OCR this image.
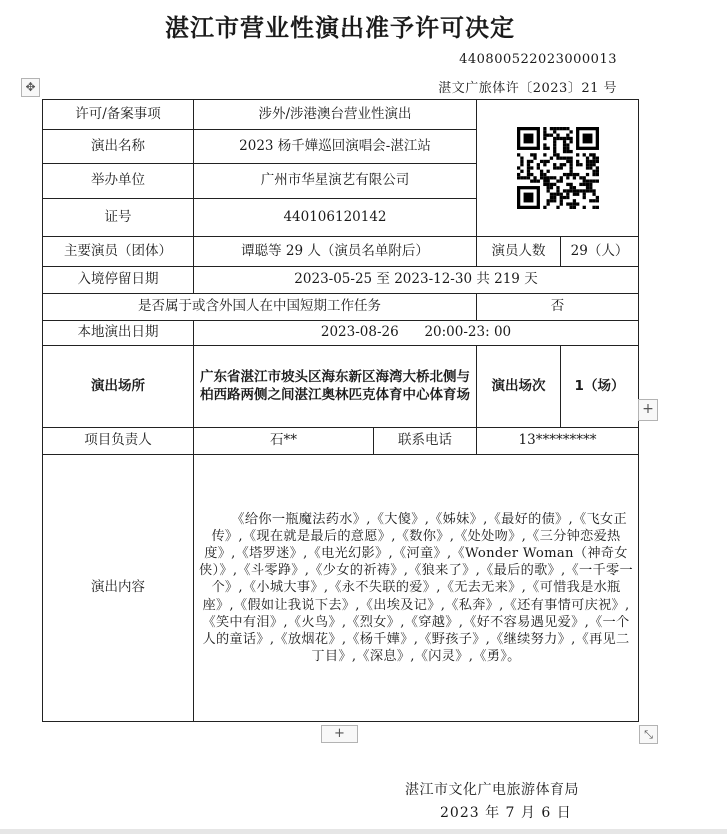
湛江市营业性演出准予许可决定
440800522023000013
湛文广旅体许〔2023〕21 号
✥
许可/备案事项	涉外/涉港澳台营业性演出	

演出名称	2023 杨千嬅巡回演唱会-湛江站			
举办单位	广州市华星演艺有限公司			
证号	440106120142			
主要演员（团体）	谭聪等 29 人（演员名单附后）		演员人数	29（人）
入境停留日期	2023-05-25 至 2023-12-30 共 219 天			
是否属于或含外国人在中国短期工作任务			否	
本地演出日期	2023-08-26      20:00-23: 00			
演出场所	广东省湛江市坡头区海东新区海湾大桥北侧与柏西路两侧之间湛江奥林匹克体育中心体育场		演出场次	1（场）
项目负责人	石**	联系电话	13*********	
演出内容	《给你一瓶魔法药水》,《大傻》,《姊妹》,《最好的债》,《飞女正传》,《现在就是最后的意愿》,《数你》,《处处吻》,《三分钟恋爱热度》,《塔罗迷》,《电光幻影》,《河童》,《Wonder Woman（神奇女侠）》,《斗零踭》,《少女的祈祷》,《狼来了》,《最后的歌》,《一千零一个》,《小城大事》,《永不失联的爱》,《无去无来》,《可惜我是水瓶座》,《假如让我说下去》,《出埃及记》,《私奔》,《还有事情可庆祝》,《笑中有泪》,《火鸟》,《烈女》,《穿越》,《好不容易遇见爱》,《一个人的童话》,《放烟花》,《杨千嬅》,《野孩子》,《继续努力》,《再见二丁目》,《深息》,《闪灵》,《勇》。			
+
+	⤡
湛江市文化广电旅游体育局
2023 年 7 月 6 日
